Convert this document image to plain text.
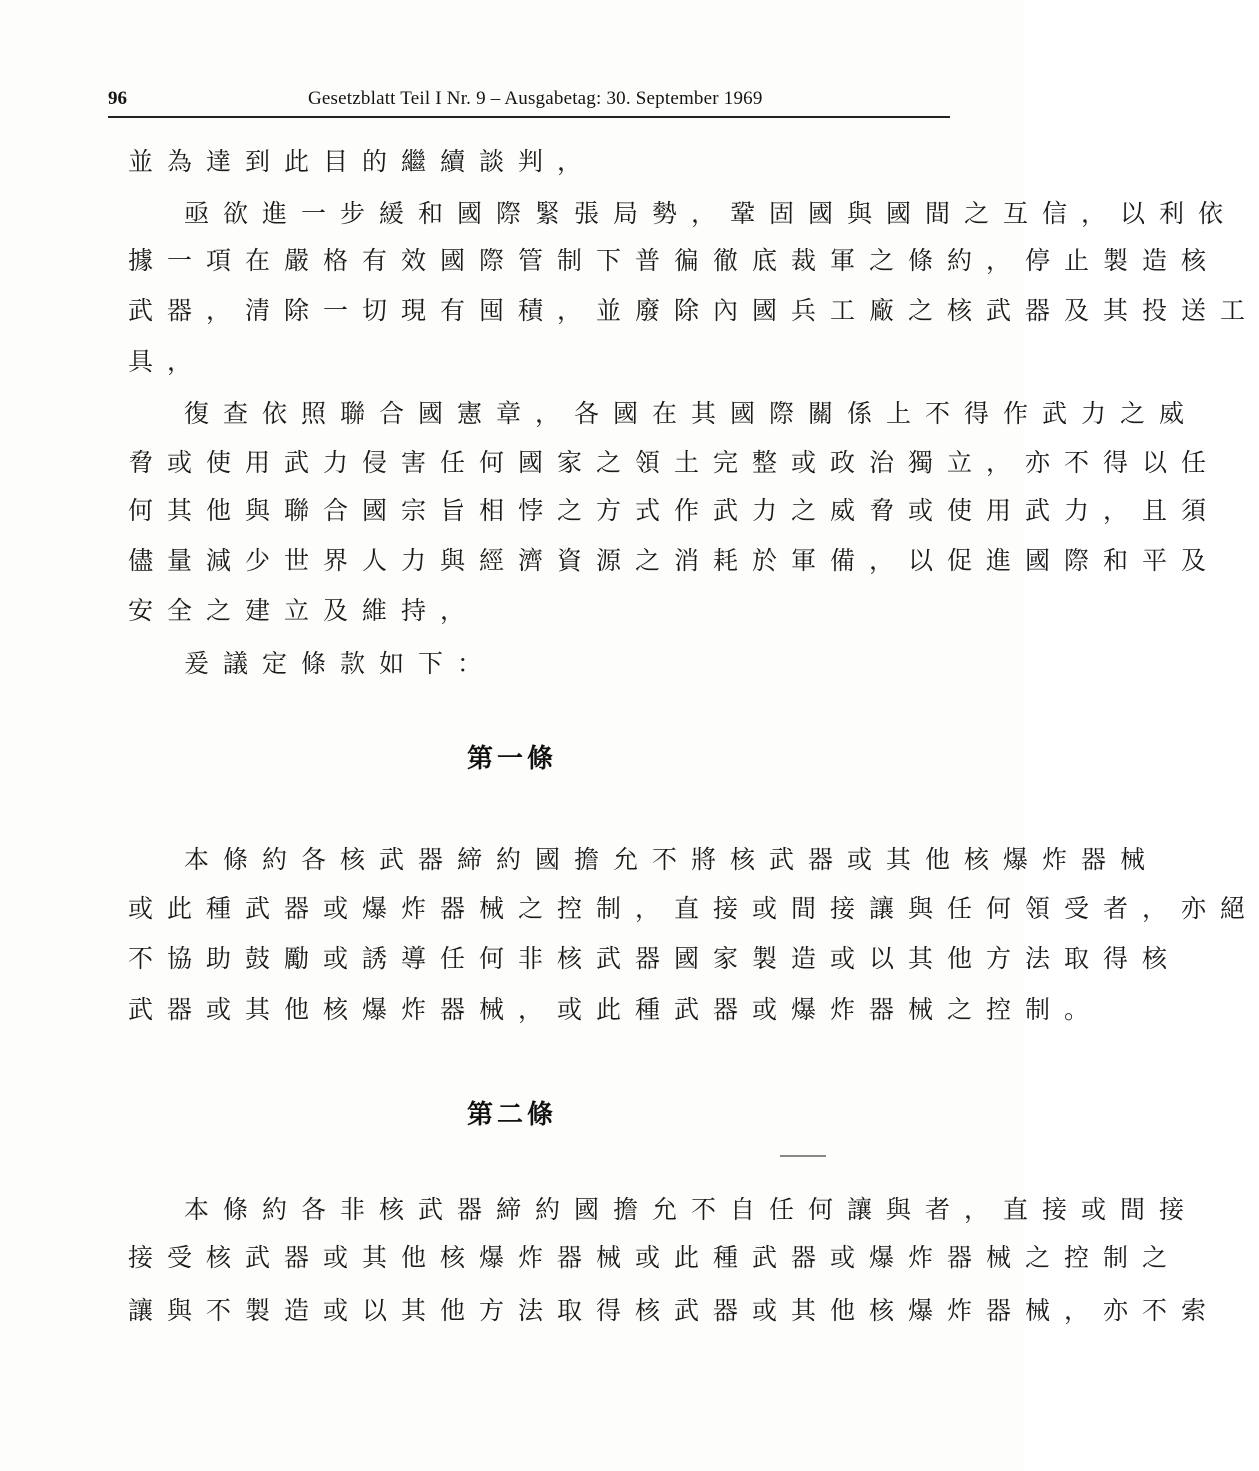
96	Gesetzblatt Teil I Nr. 9 – Ausgabetag: 30. September 1969
並為達到此目的繼續談判，
亟欲進一步緩和國際緊張局勢，鞏固國與國間之互信，以利依
據一項在嚴格有效國際管制下普徧徹底裁軍之條約，停止製造核
武器，清除一切現有囤積，並廢除內國兵工廠之核武器及其投送工
具，
復查依照聯合國憲章，各國在其國際關係上不得作武力之威
脅或使用武力侵害任何國家之領土完整或政治獨立，亦不得以任
何其他與聯合國宗旨相悖之方式作武力之威脅或使用武力，且須
儘量減少世界人力與經濟資源之消耗於軍備，以促進國際和平及
安全之建立及維持，
爰議定條款如下：
第一條
本條約各核武器締約國擔允不將核武器或其他核爆炸器械
或此種武器或爆炸器械之控制，直接或間接讓與任何領受者，亦絕
不協助鼓勵或誘導任何非核武器國家製造或以其他方法取得核
武器或其他核爆炸器械，或此種武器或爆炸器械之控制。
第二條
本條約各非核武器締約國擔允不自任何讓與者，直接或間接
接受核武器或其他核爆炸器械或此種武器或爆炸器械之控制之
讓與不製造或以其他方法取得核武器或其他核爆炸器械，亦不索
